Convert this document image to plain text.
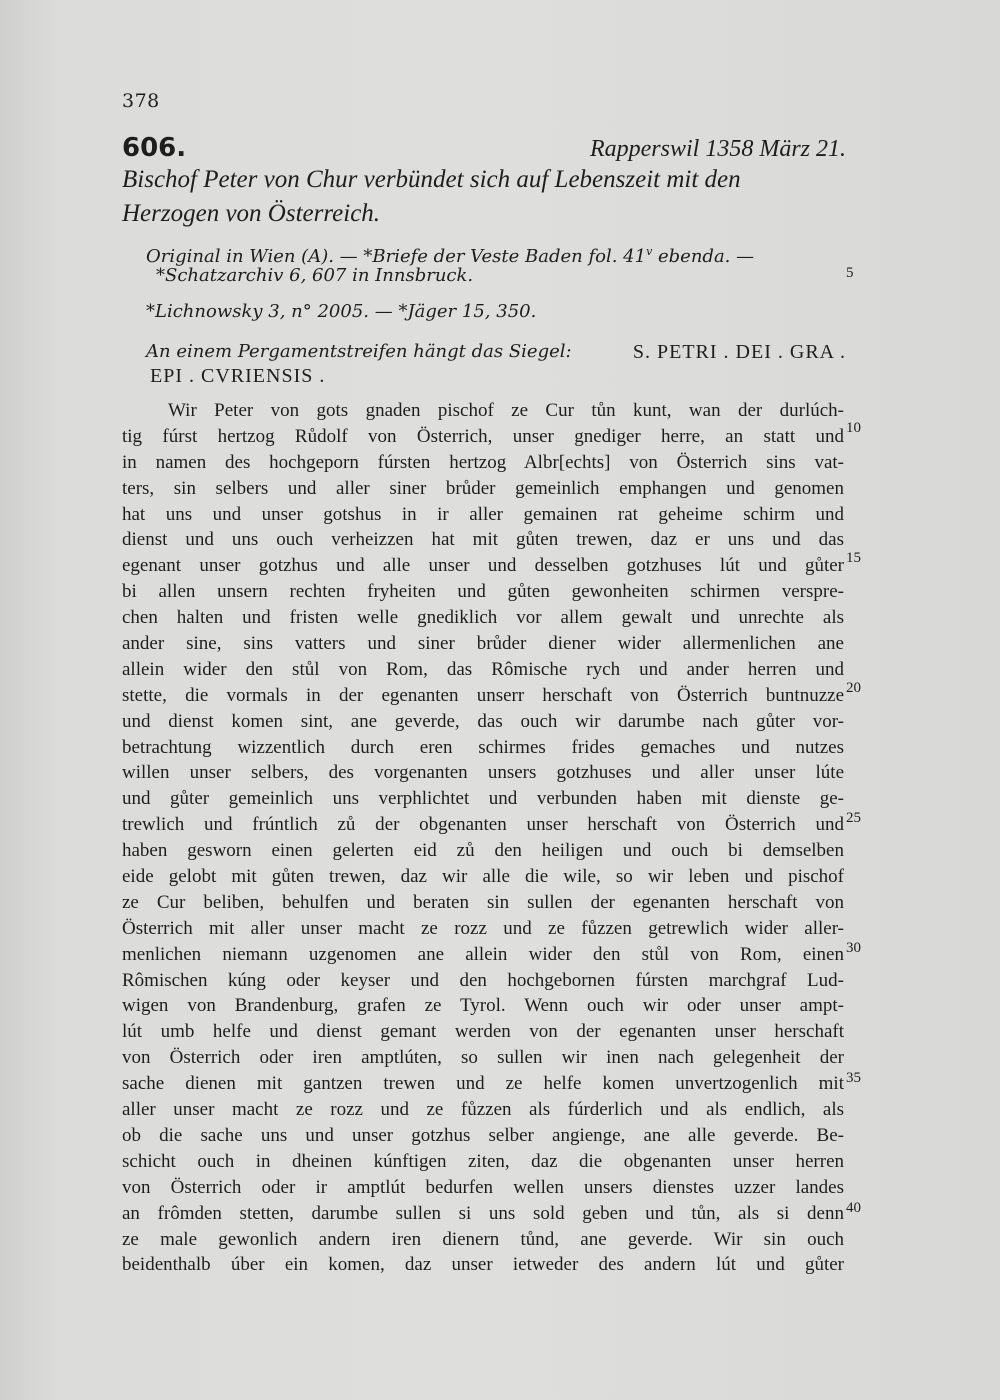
378
606.	Rapperswil 1358 März 21.
Bischof Peter von Chur verbündet sich auf Lebenszeit mit den
Herzogen von Österreich.
Original in Wien (A). — *Briefe der Veste Baden fol. 41$^v$ ebenda. —
*Schatzarchiv 6, 607 in Innsbruck.
*Lichnowsky 3, n° 2005. — *Jäger 15, 350.
An einem Pergamentstreifen hängt das Siegel:	S. PETRI . DEI . GRA .
EPI . CVRIENSIS .
Wir Peter von gots gnaden pischof ze Cur tůn kunt, wan der durlúch-
tig fúrst hertzog Růdolf von Österrich, unser gnediger herre, an statt und
in namen des hochgeporn fúrsten hertzog Albr[echts] von Österrich sins vat-
ters, sin selbers und aller siner brůder gemeinlich emphangen und genomen
hat uns und unser gotshus in ir aller gemainen rat geheime schirm und
dienst und uns ouch verheizzen hat mit gůten trewen, daz er uns und das
egenant unser gotzhus und alle unser und desselben gotzhuses lút und gůter
bi allen unsern rechten fryheiten und gůten gewonheiten schirmen verspre-
chen halten und fristen welle gnediklich vor allem gewalt und unrechte als
ander sine, sins vatters und siner brůder diener wider allermenlichen ane
allein wider den stůl von Rom, das Rômische rych und ander herren und
stette, die vormals in der egenanten unserr herschaft von Österrich buntnuzze
und dienst komen sint, ane geverde, das ouch wir darumbe nach gůter vor-
betrachtung wizzentlich durch eren schirmes frides gemaches und nutzes
willen unser selbers, des vorgenanten unsers gotzhuses und aller unser lúte
und gůter gemeinlich uns verphlichtet und verbunden haben mit dienste ge-
trewlich und frúntlich zů der obgenanten unser herschaft von Österrich und
haben gesworn einen gelerten eid zů den heiligen und ouch bi demselben
eide gelobt mit gůten trewen, daz wir alle die wile, so wir leben und pischof
ze Cur beliben, behulfen und beraten sin sullen der egenanten herschaft von
Österrich mit aller unser macht ze rozz und ze fůzzen getrewlich wider aller-
menlichen niemann uzgenomen ane allein wider den stůl von Rom, einen
Rômischen kúng oder keyser und den hochgebornen fúrsten marchgraf Lud-
wigen von Brandenburg, grafen ze Tyrol. Wenn ouch wir oder unser ampt-
lút umb helfe und dienst gemant werden von der egenanten unser herschaft
von Österrich oder iren amptlúten, so sullen wir inen nach gelegenheit der
sache dienen mit gantzen trewen und ze helfe komen unvertzogenlich mit
aller unser macht ze rozz und ze fůzzen als fúrderlich und als endlich, als
ob die sache uns und unser gotzhus selber angienge, ane alle geverde. Be-
schicht ouch in dheinen kúnftigen ziten, daz die obgenanten unser herren
von Österrich oder ir amptlút bedurfen wellen unsers dienstes uzzer landes
an frômden stetten, darumbe sullen si uns sold geben und tůn, als si denn
ze male gewonlich andern iren dienern tůnd, ane geverde. Wir sin ouch
beidenthalb úber ein komen, daz unser ietweder des andern lút und gůter
5
10
15
20
25
30
35
40
